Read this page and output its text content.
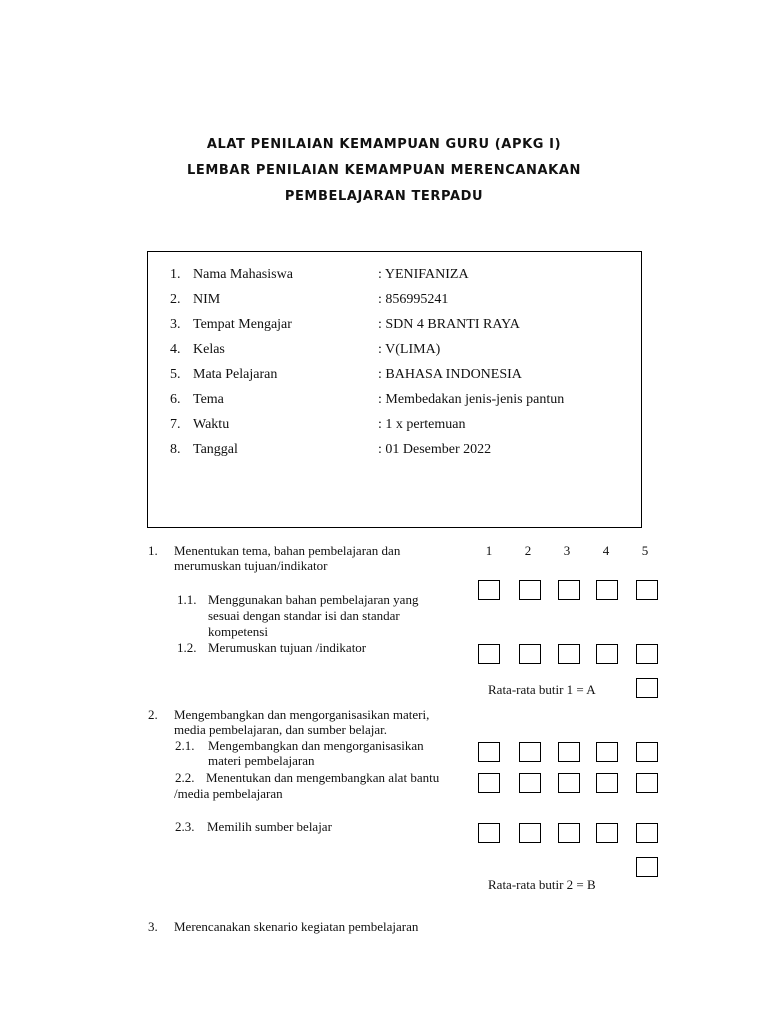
ALAT PENILAIAN KEMAMPUAN GURU (APKG I)
LEMBAR PENILAIAN KEMAMPUAN MERENCANAKAN
PEMBELAJARAN TERPADU
1. Nama Mahasiswa	: YENIFANIZA
2. NIM	: 856995241
3. Tempat Mengajar	: SDN 4 BRANTI RAYA
4. Kelas	: V(LIMA)
5. Mata Pelajaran	: BAHASA INDONESIA
6. Tema	: Membedakan jenis-jenis pantun
7. Waktu	: 1 x pertemuan
8. Tanggal	: 01 Desember 2022
1	2	3	4	5
1. Menentukan tema, bahan pembelajaran dan
merumuskan tujuan/indikator
1.1. Menggunakan bahan pembelajaran yang
sesuai dengan standar isi dan standar
kompetensi
1.2. Merumuskan tujuan /indikator
Rata-rata butir 1 = A
2. Mengembangkan dan mengorganisasikan materi,
media pembelajaran, dan sumber belajar.
2.1. Mengembangkan dan mengorganisasikan
materi pembelajaran
2.2. Menentukan dan mengembangkan alat bantu
/media pembelajaran
2.3. Memilih sumber belajar
Rata-rata butir 2 = B
3. Merencanakan skenario kegiatan pembelajaran
